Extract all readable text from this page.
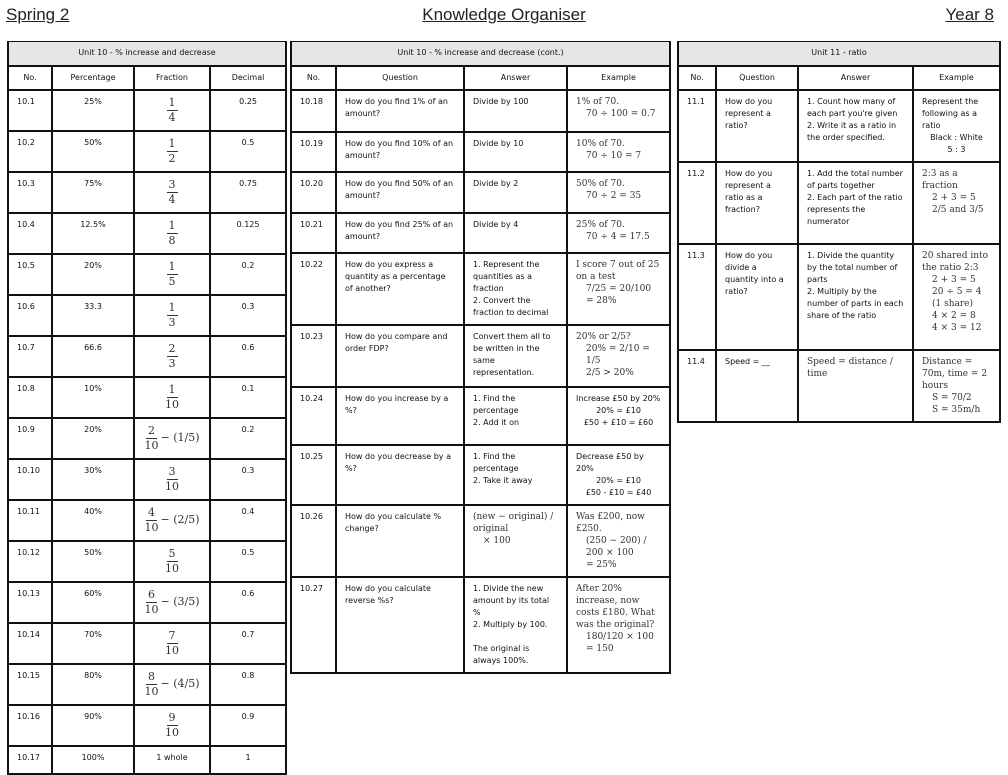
Spring 2	Knowledge Organiser	Year 8
Unit 10 - % increase and decrease			
No.	Percentage	Fraction	Decimal
10.1	25%	$\frac{1}{4}$	0.25
10.2	50%	$\frac{1}{2}$	0.5
10.3	75%	$\frac{3}{4}$	0.75
10.4	12.5%	$\frac{1}{8}$	0.125
10.5	20%	$\frac{1}{5}$	0.2
10.6	33.3̇	$\frac{1}{3}$	0.3̇
10.7	66.6̇	$\frac{2}{3}$	0.6̇
10.8	10%	$\frac{1}{10}$	0.1
10.9	20%	$\frac{2}{10} - (1/5)$	0.2
10.10	30%	$\frac{3}{10}$	0.3
10.11	40%	$\frac{4}{10} - (2/5)$	0.4
10.12	50%	$\frac{5}{10}$	0.5
10.13	60%	$\frac{6}{10} - (3/5)$	0.6
10.14	70%	$\frac{7}{10}$	0.7
10.15	80%	$\frac{8}{10} - (4/5)$	0.8
10.16	90%	$\frac{9}{10}$	0.9
10.17	100%	1 whole	1
Unit 10 - % increase and decrease (cont.)			
No.	Question	Answer	Example
10.18	How do you find 1% of an amount?	Divide by 100	1% of 70.
70 ÷ 100 = 0.7

10.19	How do you find 10% of an amount?	Divide by 10	10% of 70.
70 ÷ 10 = 7

10.20	How do you find 50% of an amount?	Divide by 2	50% of 70.
70 ÷ 2 = 35

10.21	How do you find 25% of an amount?	Divide by 4	25% of 70.
70 ÷ 4 = 17.5

10.22	How do you express a quantity as a percentage of another?	1. Represent the quantities as a fraction
2. Convert the fraction to decimal	I score 7 out of 25 on a test
7/25 = 20/100 = 28%

10.23	How do you compare and order FDP?	Convert them all to be written in the same representation.	20% or 2/5?
20% = 2/10 = 1/5
2/5 > 20%

10.24	How do you increase by a %?	1. Find the percentage
2. Add it on	Increase £50 by 20%
20% = £10
£50 + £10 = £60

10.25	How do you decrease by a %?	1. Find the percentage
2. Take it away	Decrease £50 by 20%
20% = £10
£50 - £10 = £40

10.26	How do you calculate % change?	(new − original) / original
× 100	Was £200, now £250.
(250 − 200) / 200 × 100
= 25%

10.27	How do you calculate reverse %s?	1. Divide the new amount by its total %
2. Multiply by 100.

The original is always 100%.	After 20% increase, now costs £180. What was the original?
180/120 × 100 = 150
Unit 11 - ratio			
No.	Question	Answer	Example
11.1	How do you represent a ratio?	1. Count how many of each part you're given
2. Write it as a ratio in the order specified.	Represent the following as a ratio
Black : White
5 : 3

11.2	How do you represent a ratio as a fraction?	1. Add the total number of parts together
2. Each part of the ratio represents the numerator	2:3 as a fraction
2 + 3 = 5
2/5 and 3/5

11.3	How do you divide a quantity into a ratio?	1. Divide the quantity by the total number of parts
2. Multiply by the number of parts in each share of the ratio	20 shared into the ratio 2:3
2 + 3 = 5
20 ÷ 5 = 4 (1 share)
4 × 2 = 8
4 × 3 = 12

11.4	Speed = __	Speed = distance / time	Distance = 70m, time = 2 hours
S = 70/2
S = 35m/h
